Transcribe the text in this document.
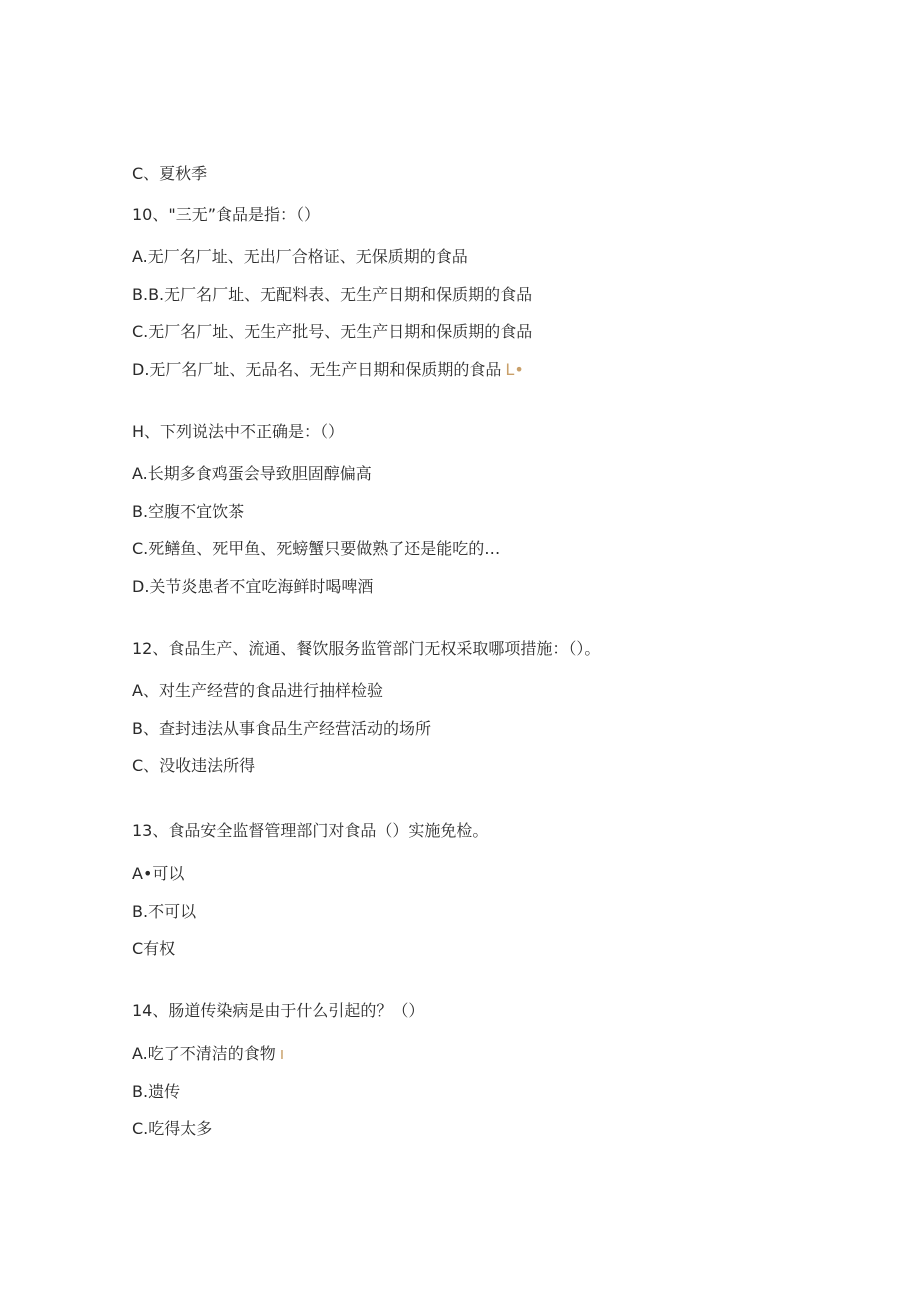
C、夏秋季
10、"三无”食品是指：（）
A.无厂名厂址、无出厂合格证、无保质期的食品
B.B.无厂名厂址、无配料表、无生产日期和保质期的食品
C.无厂名厂址、无生产批号、无生产日期和保质期的食品
D.无厂名厂址、无品名、无生产日期和保质期的食品 L•
H、下列说法中不正确是：（）
A.长期多食鸡蛋会导致胆固醇偏高
B.空腹不宜饮茶
C.死鳝鱼、死甲鱼、死螃蟹只要做熟了还是能吃的…
D.关节炎患者不宜吃海鲜时喝啤酒
12、食品生产、流通、餐饮服务监管部门无权采取哪项措施：（）。
A、对生产经营的食品进行抽样检验
B、查封违法从事食品生产经营活动的场所
C、没收违法所得
13、食品安全监督管理部门对食品（）实施免检。
A•可以
B.不可以
C有权
14、肠道传染病是由于什么引起的？（）
A.吃了不清洁的食物 ı
B.遗传
C.吃得太多
